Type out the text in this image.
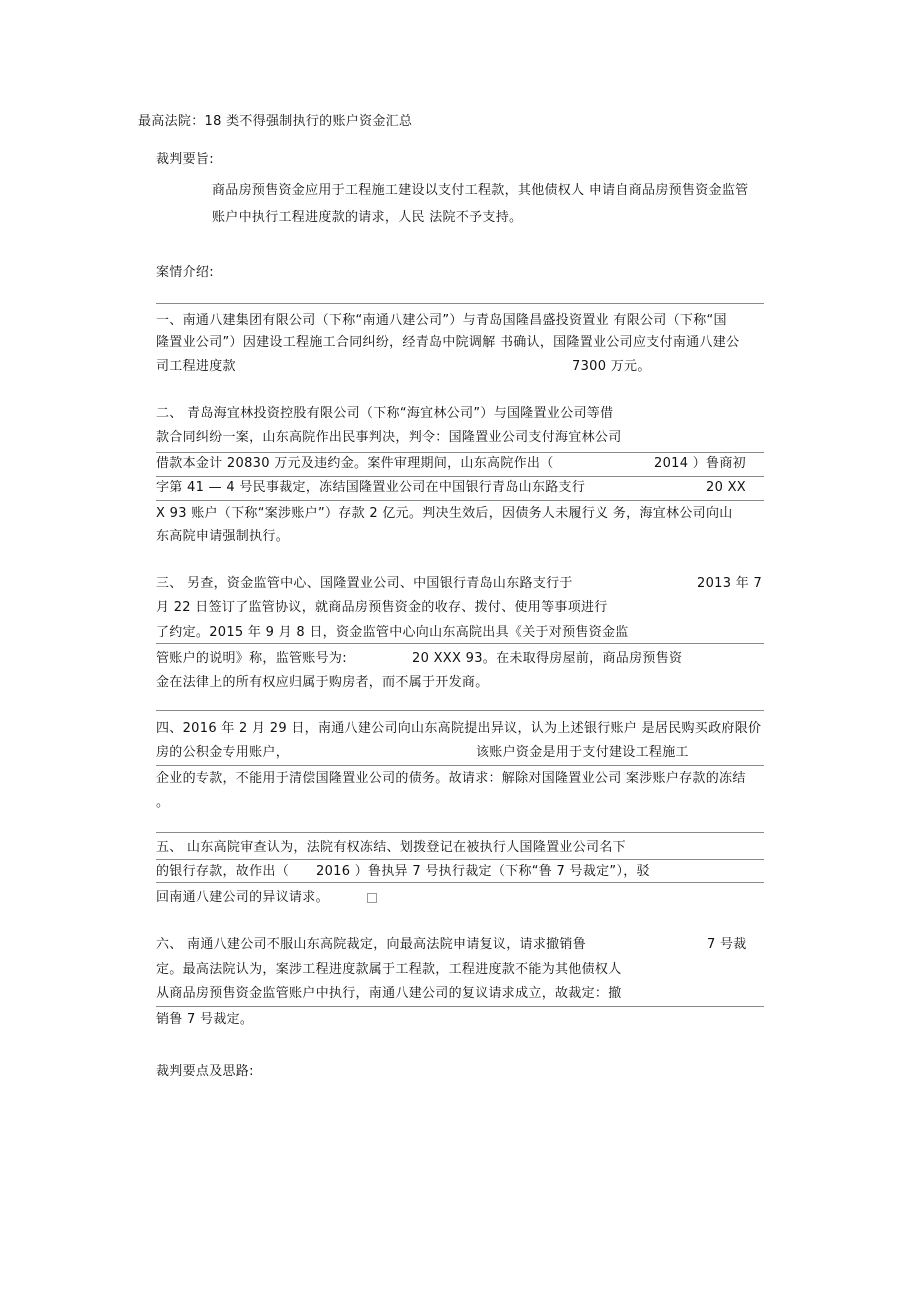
最高法院：18 类不得强制执行的账户资金汇总
裁判要旨:
商品房预售资金应用于工程施工建设以支付工程款，其他债权人 申请自商品房预售资金监管
账户中执行工程进度款的请求，人民 法院不予支持。
案情介绍:
一、南通八建集团有限公司（下称“南通八建公司”）与青岛国隆昌盛投资置业 有限公司（下称“国
隆置业公司”）因建设工程施工合同纠纷，经青岛中院调解 书确认，国隆置业公司应支付南通八建公
司工程进度款	7300 万元。
二、 青岛海宜林投资控股有限公司（下称“海宜林公司”）与国隆置业公司等借
款合同纠纷一案，山东高院作出民事判决，判令：国隆置业公司支付海宜林公司
借款本金计 20830 万元及违约金。案件审理期间，山东高院作出（	2014 ）鲁商初
字第 41 — 4 号民事裁定，冻结国隆置业公司在中国银行青岛山东路支行	20 XX
X 93 账户（下称“案涉账户”）存款 2 亿元。判决生效后，因债务人未履行义 务，海宜林公司向山
东高院申请强制执行。
三、 另查，资金监管中心、国隆置业公司、中国银行青岛山东路支行于	2013 年 7
月 22 日签订了监管协议，就商品房预售资金的收存、拨付、使用等事项进行
了约定。2015 年 9 月 8 日，资金监管中心向山东高院出具《关于对预售资金监
管账户的说明》称，监管账号为:	20 XXX 93。在未取得房屋前，商品房预售资
金在法律上的所有权应归属于购房者，而不属于开发商。
四、2016 年 2 月 29 日，南通八建公司向山东高院提出异议，认为上述银行账户 是居民购买政府限价
房的公积金专用账户，	该账户资金是用于支付建设工程施工
企业的专款，不能用于清偿国隆置业公司的债务。故请求：解除对国隆置业公司 案涉账户存款的冻结
。
五、 山东高院审查认为，法院有权冻结、划拨登记在被执行人国隆置业公司名下
的银行存款，故作出（ 2016 ）鲁执异 7 号执行裁定（下称“鲁 7 号裁定”），驳
回南通八建公司的异议请求。
六、 南通八建公司不服山东高院裁定，向最高法院申请复议，请求撤销鲁	7 号裁
定。最高法院认为，案涉工程进度款属于工程款，工程进度款不能为其他债权人
从商品房预售资金监管账户中执行，南通八建公司的复议请求成立，故裁定：撤
销鲁 7 号裁定。
裁判要点及思路:
